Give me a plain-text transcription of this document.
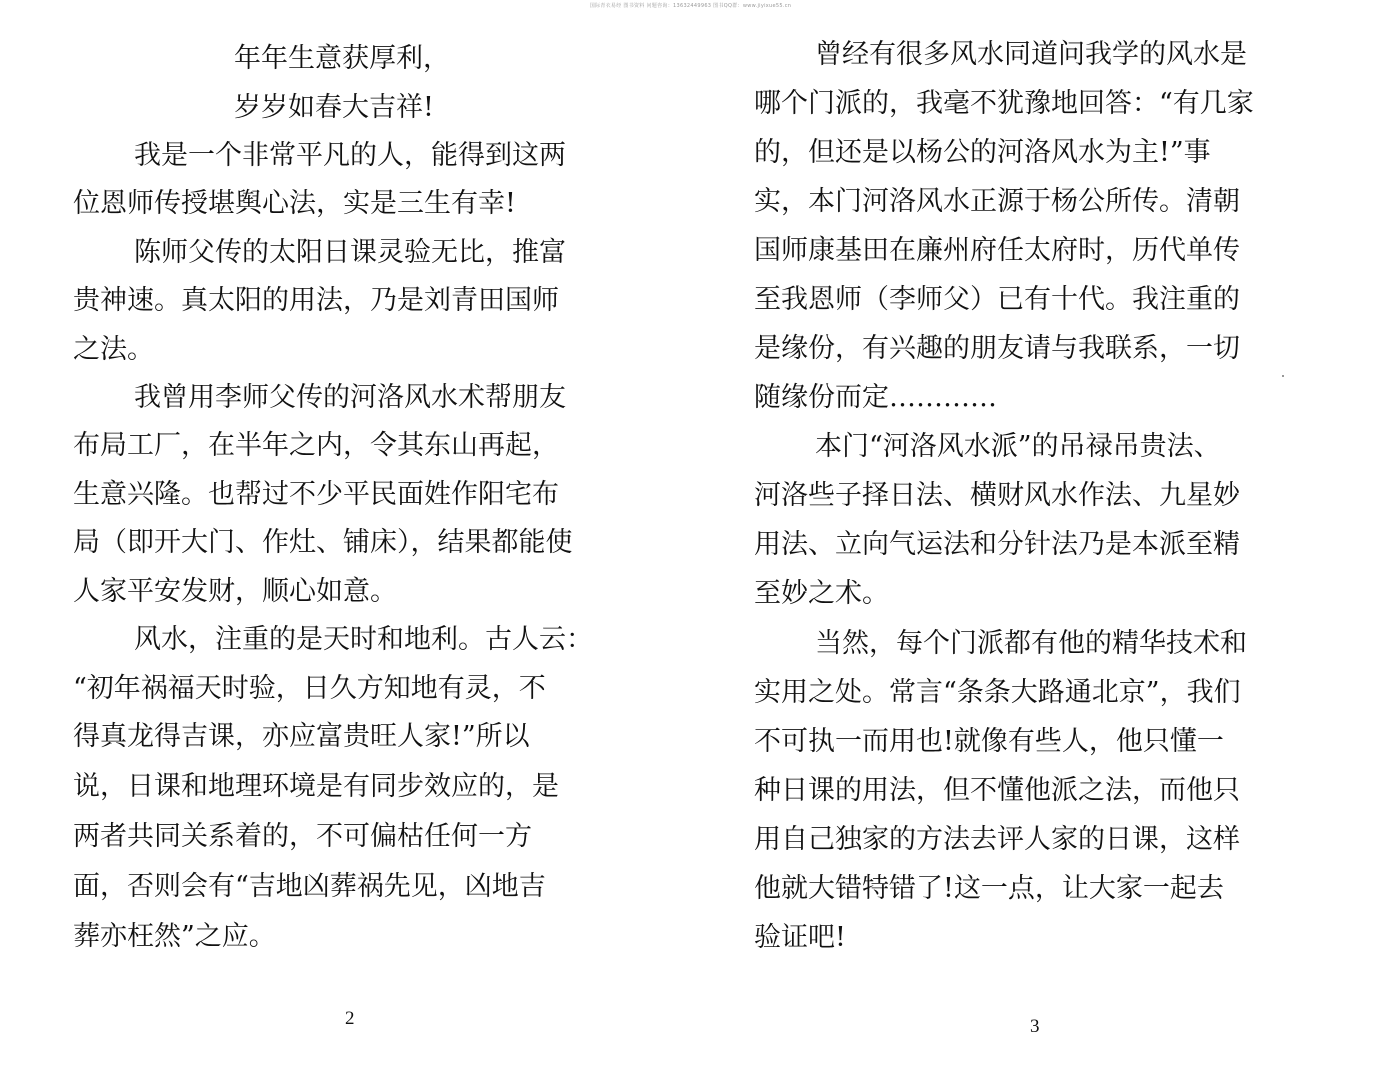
国际青衣易经 图书资料 问题咨询：13632449963 图书QQ群：www.jiyixue55.cn
年年生意获厚利，
岁岁如春大吉祥!
我是一个非常平凡的人，能得到这两
位恩师传授堪舆心法，实是三生有幸!
陈师父传的太阳日课灵验无比，推富
贵神速。真太阳的用法，乃是刘青田国师
之法。
我曾用李师父传的河洛风水术帮朋友
布局工厂，在半年之内，令其东山再起，
生意兴隆。也帮过不少平民面姓作阳宅布
局（即开大门、作灶、铺床），结果都能使
人家平安发财，顺心如意。
风水，注重的是天时和地利。古人云：
“初年祸福天时验，日久方知地有灵，不
得真龙得吉课，亦应富贵旺人家!”所以
说，日课和地理环境是有同步效应的，是
两者共同关系着的，不可偏枯任何一方
面，否则会有“吉地凶葬祸先见，凶地吉
葬亦枉然”之应。
2
曾经有很多风水同道问我学的风水是
哪个门派的，我毫不犹豫地回答：“有几家
的，但还是以杨公的河洛风水为主!”事
实，本门河洛风水正源于杨公所传。清朝
国师康基田在廉州府任太府时，历代单传
至我恩师（李师父）已有十代。我注重的
是缘份，有兴趣的朋友请与我联系，一切
随缘份而定…………
本门“河洛风水派”的吊禄吊贵法、
河洛些子择日法、横财风水作法、九星妙
用法、立向气运法和分针法乃是本派至精
至妙之术。
当然，每个门派都有他的精华技术和
实用之处。常言“条条大路通北京”，我们
不可执一而用也!就像有些人，他只懂一
种日课的用法，但不懂他派之法，而他只
用自己独家的方法去评人家的日课，这样
他就大错特错了!这一点，让大家一起去
验证吧!
3
